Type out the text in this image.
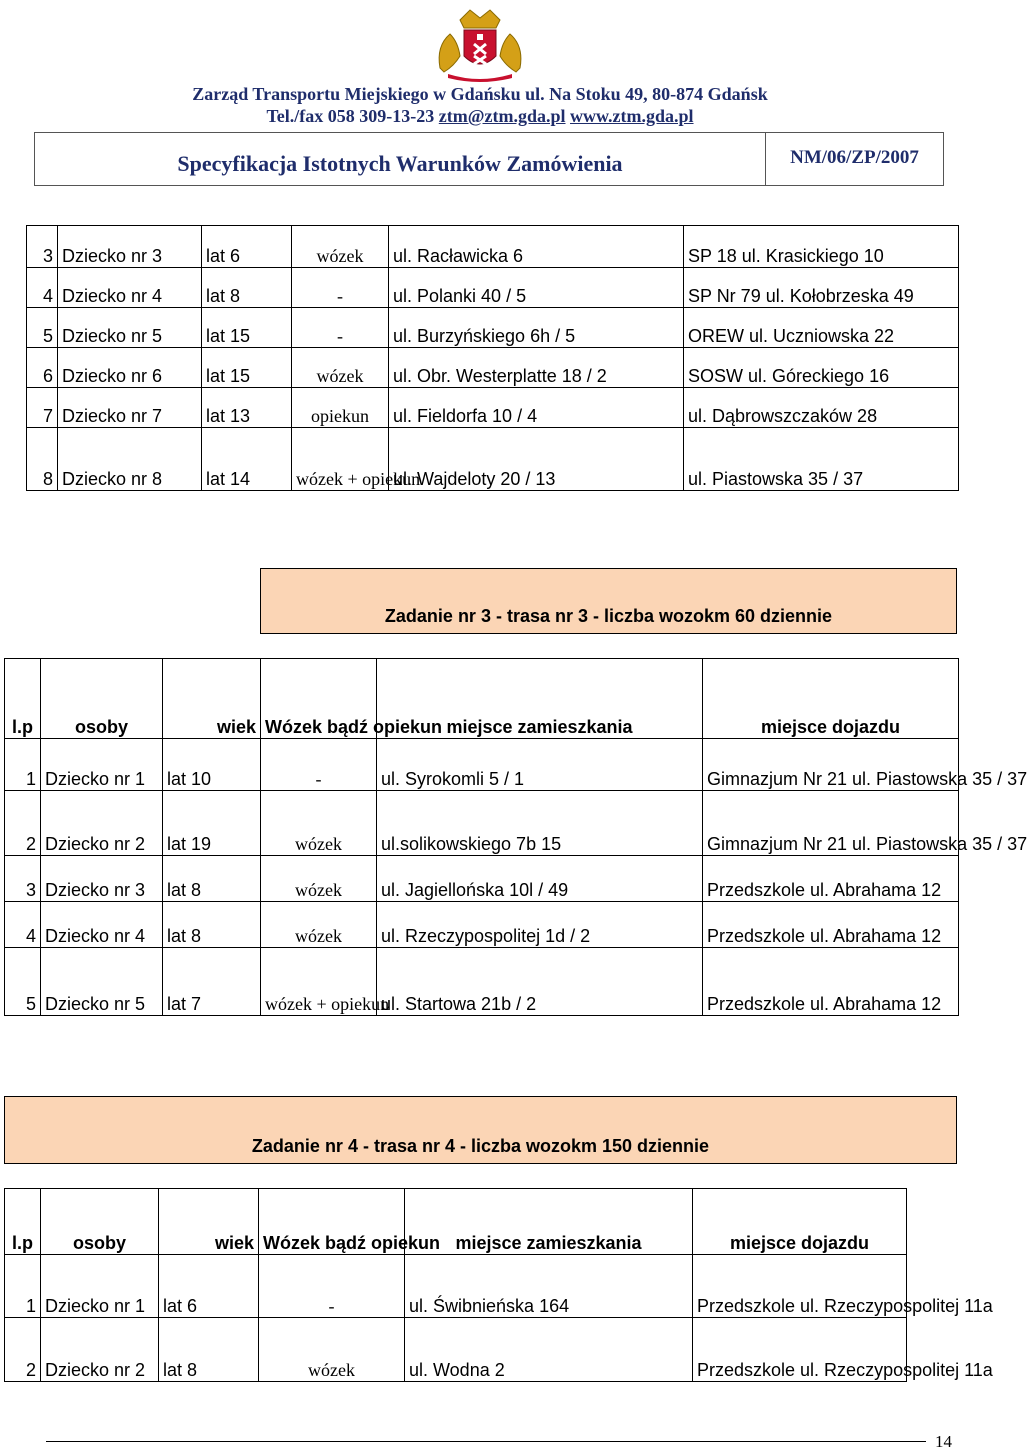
Zarząd Transportu Miejskiego w Gdańsku ul. Na Stoku 49, 80-874 Gdańsk
Tel./fax 058 309-13-23 ztm@ztm.gda.pl www.ztm.gda.pl
Specyfikacja Istotnych Warunków Zamówienia	NM/06/ZP/2007
3	Dziecko nr 3	lat 6	wózek	ul. Racławicka 6	SP 18 ul. Krasickiego 10
4	Dziecko nr 4	lat 8	-	ul. Polanki 40 / 5	SP Nr 79 ul. Kołobrzeska 49
5	Dziecko nr 5	lat 15	-	ul. Burzyńskiego 6h / 5	OREW ul. Uczniowska 22
6	Dziecko nr 6	lat 15	wózek	ul. Obr. Westerplatte 18 / 2	SOSW ul. Góreckiego 16
7	Dziecko nr 7	lat 13	opiekun	ul. Fieldorfa 10 / 4	ul. Dąbrowszczaków 28
8	Dziecko nr 8	lat 14	wózek + opiekun	ul. Wajdeloty 20 / 13	ul. Piastowska 35 / 37
Zadanie nr 3 - trasa nr 3 - liczba wozokm 60 dziennie
l.p	osoby	wiek	Wózek bądź opiekun	miejsce zamieszkania	miejsce dojazdu
1	Dziecko nr 1	lat 10	-	ul. Syrokomli 5 / 1	Gimnazjum Nr 21 ul. Piastowska 35 / 37
2	Dziecko nr 2	lat 19	wózek	ul.solikowskiego 7b 15	Gimnazjum Nr 21 ul. Piastowska 35 / 37
3	Dziecko nr 3	lat 8	wózek	ul. Jagiellońska 10l / 49	Przedszkole ul. Abrahama 12
4	Dziecko nr 4	lat 8	wózek	ul. Rzeczypospolitej 1d / 2	Przedszkole ul. Abrahama 12
5	Dziecko nr 5	lat 7	wózek + opiekun	ul. Startowa 21b / 2	Przedszkole ul. Abrahama 12
Zadanie nr 4 - trasa nr 4 - liczba wozokm 150 dziennie
l.p	osoby	wiek	Wózek bądź opiekun	miejsce zamieszkania	miejsce dojazdu
1	Dziecko nr 1	lat 6	-	ul. Świbnieńska 164	Przedszkole ul. Rzeczypospolitej 11a
2	Dziecko nr 2	lat 8	wózek	ul. Wodna 2	Przedszkole ul. Rzeczypospolitej 11a
14
